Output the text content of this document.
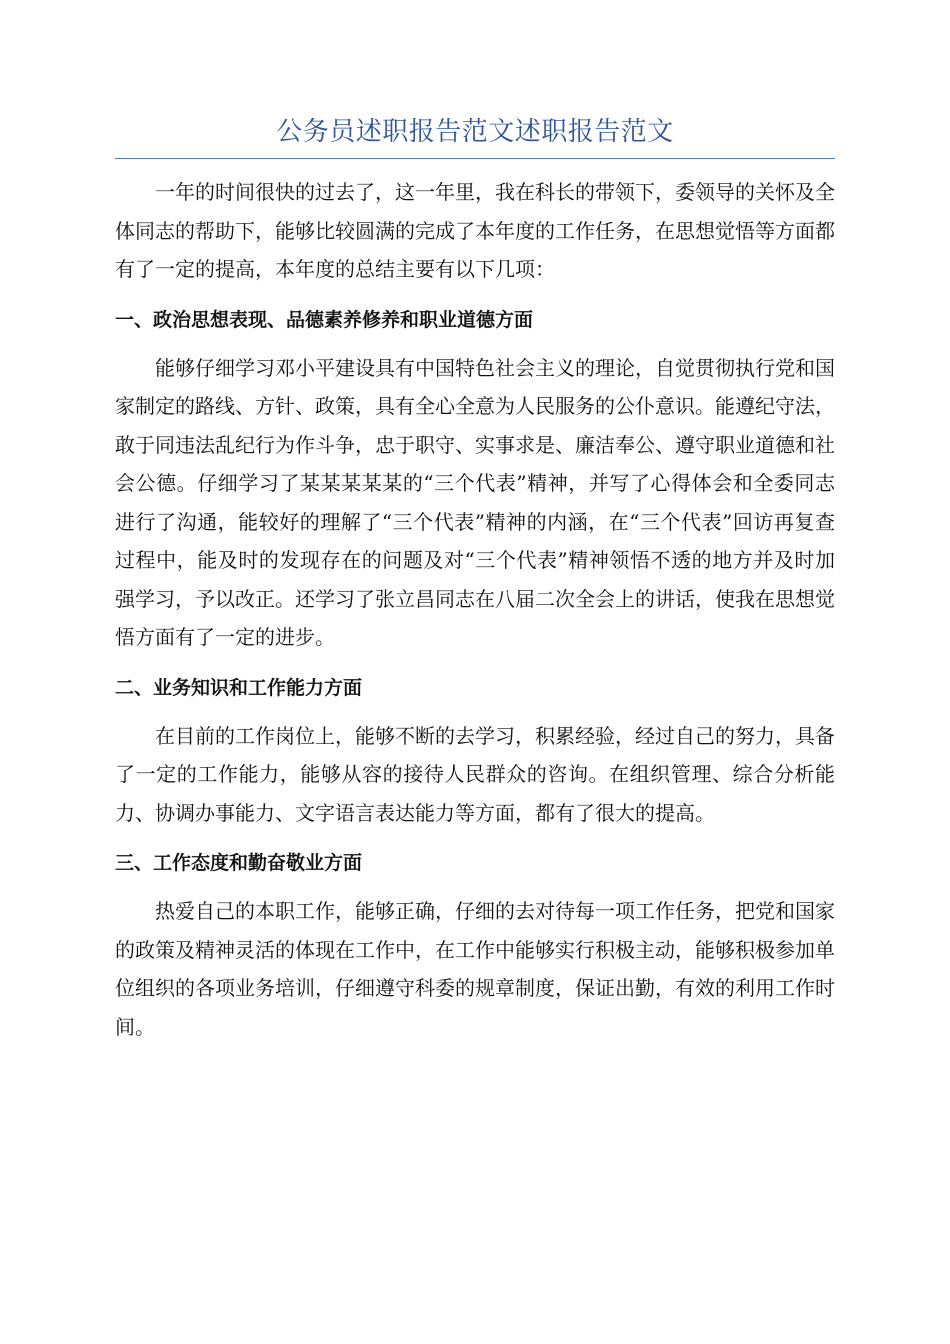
公务员述职报告范文述职报告范文

一年的时间很快的过去了，这一年里，我在科长的带领下，委领导的关怀及全体同志的帮助下，能够比较圆满的完成了本年度的工作任务，在思想觉悟等方面都有了一定的提高，本年度的总结主要有以下几项：

一、政治思想表现、品德素养修养和职业道德方面

能够仔细学习邓小平建设具有中国特色社会主义的理论，自觉贯彻执行党和国家制定的路线、方针、政策，具有全心全意为人民服务的公仆意识。能遵纪守法，敢于同违法乱纪行为作斗争，忠于职守、实事求是、廉洁奉公、遵守职业道德和社会公德。仔细学习了某某某某某的“三个代表”精神，并写了心得体会和全委同志进行了沟通，能较好的理解了“三个代表”精神的内涵，在“三个代表”回访再复查过程中，能及时的发现存在的问题及对“三个代表”精神领悟不透的地方并及时加强学习，予以改正。还学习了张立昌同志在八届二次全会上的讲话，使我在思想觉悟方面有了一定的进步。

二、业务知识和工作能力方面

在目前的工作岗位上，能够不断的去学习，积累经验，经过自己的努力，具备了一定的工作能力，能够从容的接待人民群众的咨询。在组织管理、综合分析能力、协调办事能力、文字语言表达能力等方面，都有了很大的提高。

三、工作态度和勤奋敬业方面

热爱自己的本职工作，能够正确，仔细的去对待每一项工作任务，把党和国家的政策及精神灵活的体现在工作中，在工作中能够实行积极主动，能够积极参加单位组织的各项业务培训，仔细遵守科委的规章制度，保证出勤，有效的利用工作时间。
